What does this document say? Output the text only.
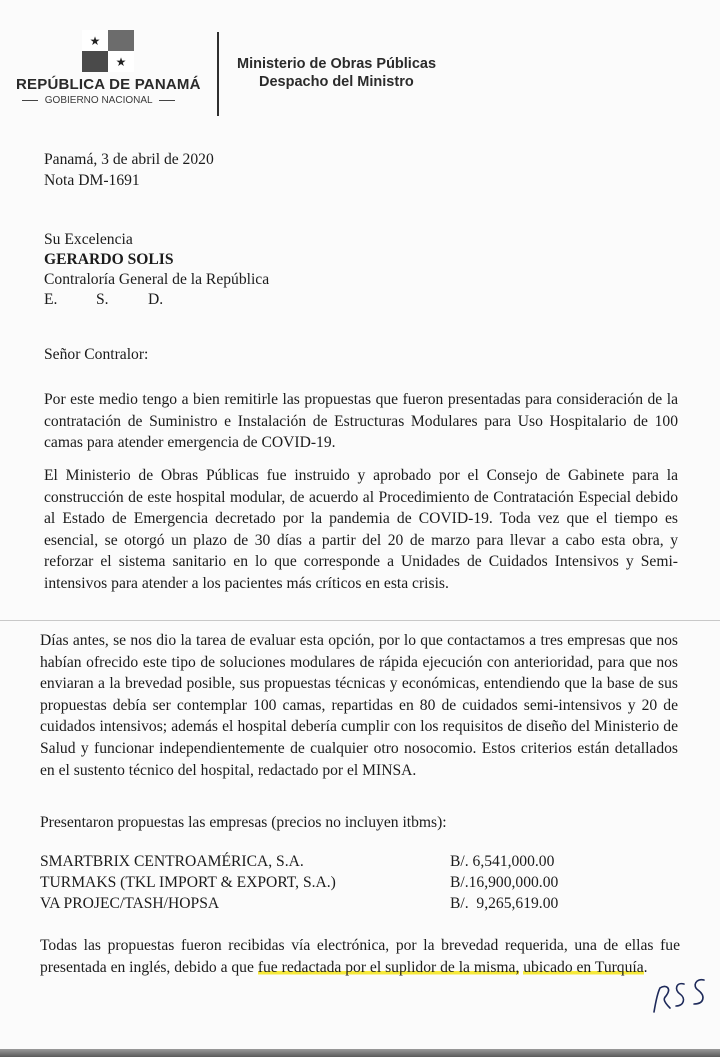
★
★
REPÚBLICA DE PANAMÁ
GOBIERNO NACIONAL
Ministerio de Obras Públicas
Despacho del Ministro
Panamá, 3 de abril de 2020
Nota DM-1691
Su Excelencia
GERARDO SOLIS
Contraloría General de la República
E. S.	D.
Señor Contralor:
Por este medio tengo a bien remitirle las propuestas que fueron presentadas para consideración de la contratación de Suministro e Instalación de Estructuras Modulares para Uso Hospitalario de 100 camas para atender emergencia de COVID-19.
El Ministerio de Obras Públicas fue instruido y aprobado por el Consejo de Gabinete para la construcción de este hospital modular, de acuerdo al Procedimiento de Contratación Especial debido al Estado de Emergencia decretado por la pandemia de COVID-19. Toda vez que el tiempo es esencial, se otorgó un plazo de 30 días a partir del 20 de marzo para llevar a cabo esta obra, y reforzar el sistema sanitario en lo que corresponde a Unidades de Cuidados Intensivos y Semi-intensivos para atender a los pacientes más críticos en esta crisis.
Días antes, se nos dio la tarea de evaluar esta opción, por lo que contactamos a tres empresas que nos habían ofrecido este tipo de soluciones modulares de rápida ejecución con anterioridad, para que nos enviaran a la brevedad posible, sus propuestas técnicas y económicas, entendiendo que la base de sus propuestas debía ser contemplar 100 camas, repartidas en 80 de cuidados semi-intensivos y 20 de cuidados intensivos; además el hospital debería cumplir con los requisitos de diseño del Ministerio de Salud y funcionar independientemente de cualquier otro nosocomio. Estos criterios están detallados en el sustento técnico del hospital, redactado por el MINSA.
Presentaron propuestas las empresas (precios no incluyen itbms):
SMARTBRIX CENTROAMÉRICA, S.A.	B/. 6,541,000.00
TURMAKS (TKL IMPORT & EXPORT, S.A.)	B/.16,900,000.00
VA PROJEC/TASH/HOPSA	B/.  9,265,619.00
Todas las propuestas fueron recibidas vía electrónica, por la brevedad requerida, una de ellas fue presentada en inglés, debido a que fue redactada por el suplidor de la misma, ubicado en Turquía.
